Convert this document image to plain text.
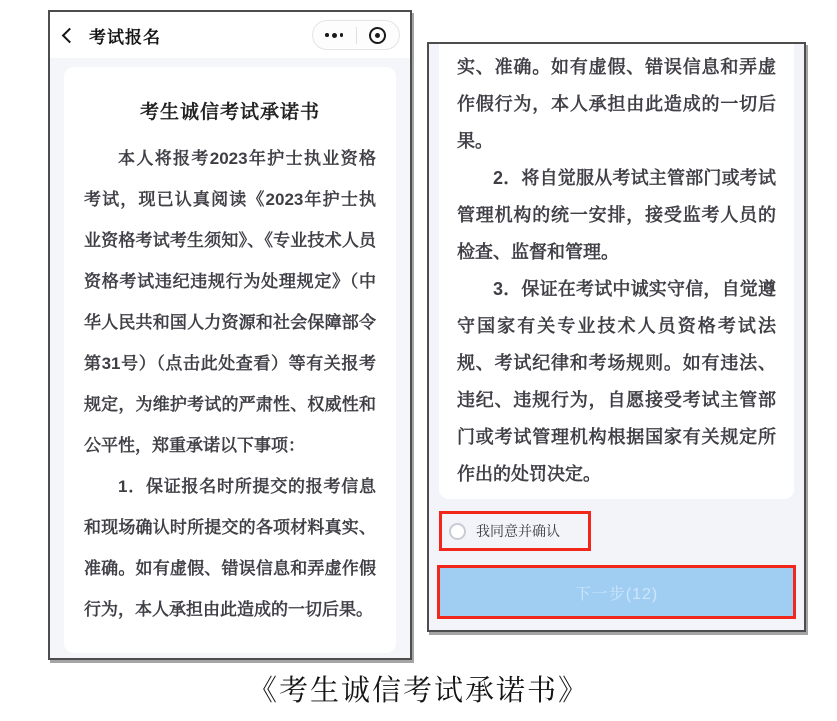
考试报名
考生诚信考试承诺书

本人将报考2023年护士执业资格考试，现已认真阅读《2023年护士执业资格考试考生须知》、《专业技术人员资格考试违纪违规行为处理规定》（中华人民共和国人力资源和社会保障部令第31号）（点击此处查看）等有关报考规定，为维护考试的严肃性、权威性和公平性，郑重承诺以下事项：

1．保证报名时所提交的报考信息和现场确认时所提交的各项材料真实、准确。如有虚假、错误信息和弄虚作假行为，本人承担由此造成的一切后果。

实、准确。如有虚假、错误信息和弄虚作假行为，本人承担由此造成的一切后果。

2．将自觉服从考试主管部门或考试管理机构的统一安排，接受监考人员的检查、监督和管理。

3．保证在考试中诚实守信，自觉遵守国家有关专业技术人员资格考试法规、考试纪律和考场规则。如有违法、违纪、违规行为，自愿接受考试主管部门或考试管理机构根据国家有关规定所作出的处罚决定。

我同意并确认
下一步(12)
《考生诚信考试承诺书》
